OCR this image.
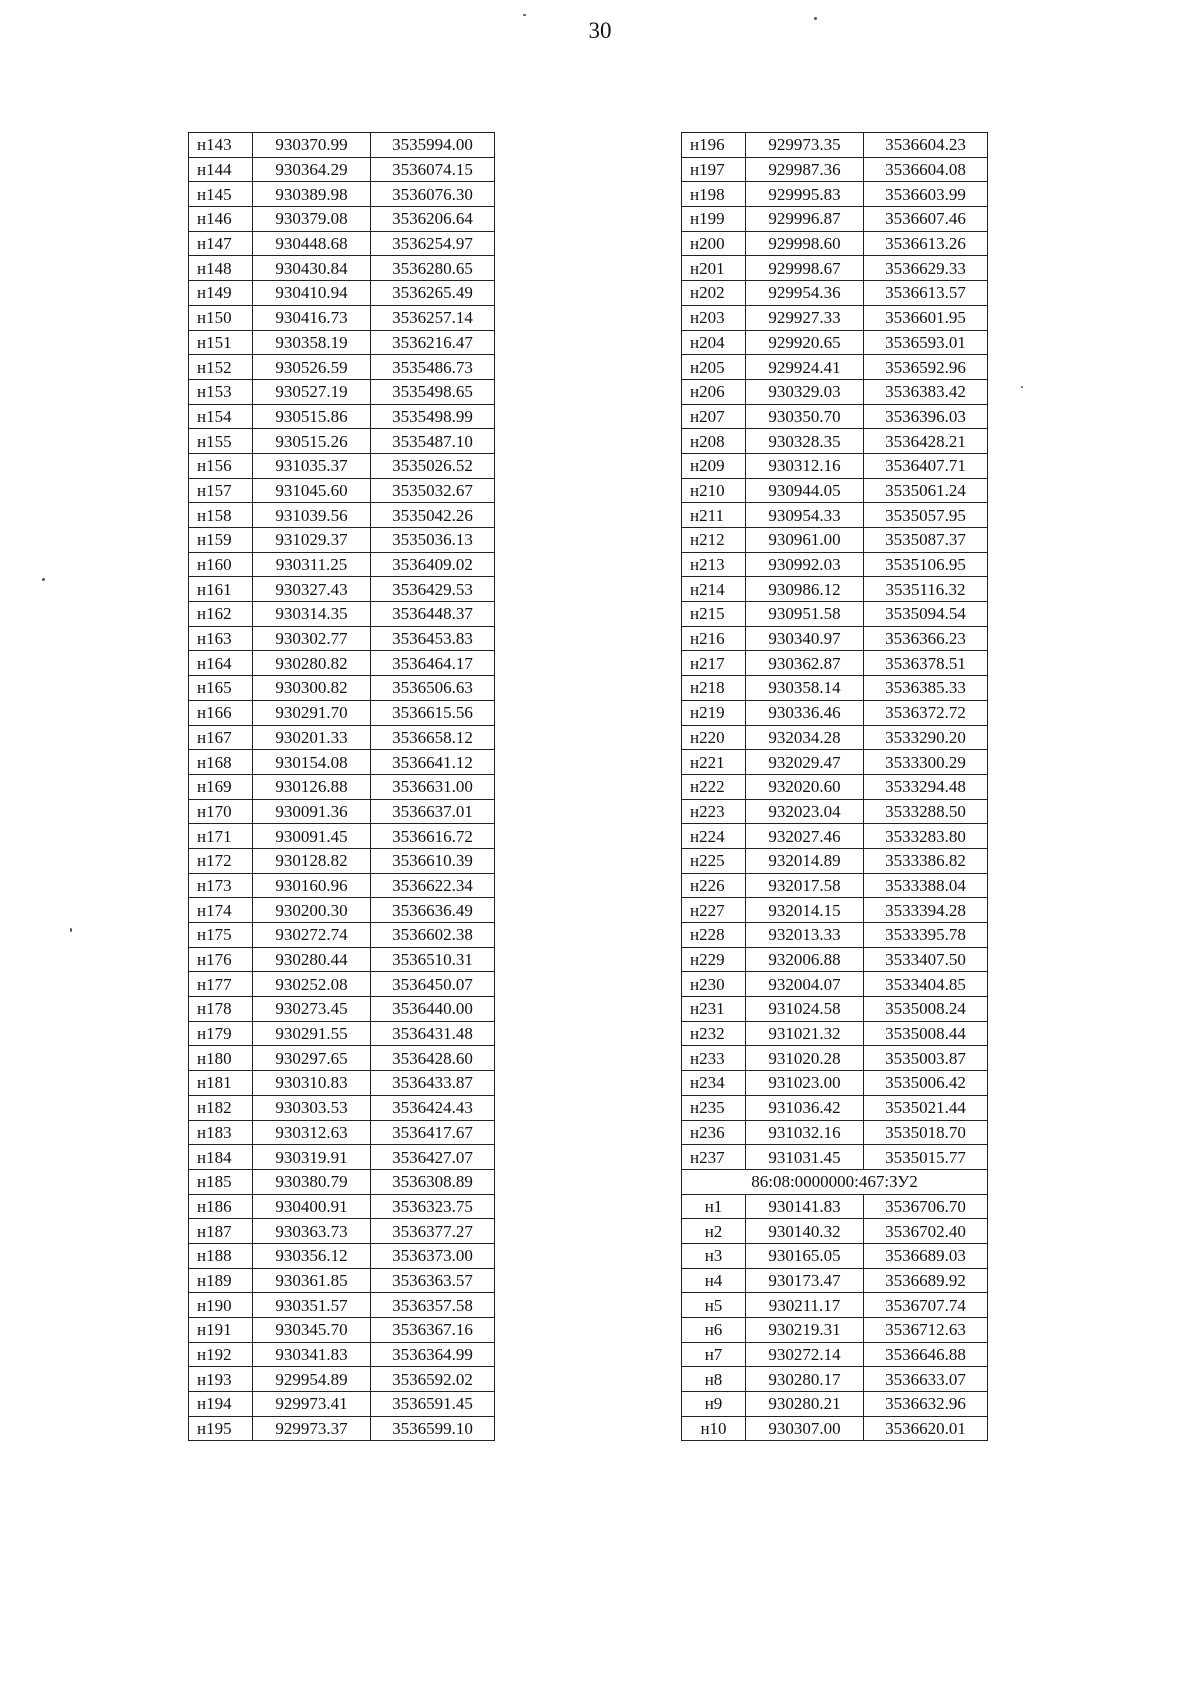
30
н143	930370.99	3535994.00
н144	930364.29	3536074.15
н145	930389.98	3536076.30
н146	930379.08	3536206.64
н147	930448.68	3536254.97
н148	930430.84	3536280.65
н149	930410.94	3536265.49
н150	930416.73	3536257.14
н151	930358.19	3536216.47
н152	930526.59	3535486.73
н153	930527.19	3535498.65
н154	930515.86	3535498.99
н155	930515.26	3535487.10
н156	931035.37	3535026.52
н157	931045.60	3535032.67
н158	931039.56	3535042.26
н159	931029.37	3535036.13
н160	930311.25	3536409.02
н161	930327.43	3536429.53
н162	930314.35	3536448.37
н163	930302.77	3536453.83
н164	930280.82	3536464.17
н165	930300.82	3536506.63
н166	930291.70	3536615.56
н167	930201.33	3536658.12
н168	930154.08	3536641.12
н169	930126.88	3536631.00
н170	930091.36	3536637.01
н171	930091.45	3536616.72
н172	930128.82	3536610.39
н173	930160.96	3536622.34
н174	930200.30	3536636.49
н175	930272.74	3536602.38
н176	930280.44	3536510.31
н177	930252.08	3536450.07
н178	930273.45	3536440.00
н179	930291.55	3536431.48
н180	930297.65	3536428.60
н181	930310.83	3536433.87
н182	930303.53	3536424.43
н183	930312.63	3536417.67
н184	930319.91	3536427.07
н185	930380.79	3536308.89
н186	930400.91	3536323.75
н187	930363.73	3536377.27
н188	930356.12	3536373.00
н189	930361.85	3536363.57
н190	930351.57	3536357.58
н191	930345.70	3536367.16
н192	930341.83	3536364.99
н193	929954.89	3536592.02
н194	929973.41	3536591.45
н195	929973.37	3536599.10
н196	929973.35	3536604.23
н197	929987.36	3536604.08
н198	929995.83	3536603.99
н199	929996.87	3536607.46
н200	929998.60	3536613.26
н201	929998.67	3536629.33
н202	929954.36	3536613.57
н203	929927.33	3536601.95
н204	929920.65	3536593.01
н205	929924.41	3536592.96
н206	930329.03	3536383.42
н207	930350.70	3536396.03
н208	930328.35	3536428.21
н209	930312.16	3536407.71
н210	930944.05	3535061.24
н211	930954.33	3535057.95
н212	930961.00	3535087.37
н213	930992.03	3535106.95
н214	930986.12	3535116.32
н215	930951.58	3535094.54
н216	930340.97	3536366.23
н217	930362.87	3536378.51
н218	930358.14	3536385.33
н219	930336.46	3536372.72
н220	932034.28	3533290.20
н221	932029.47	3533300.29
н222	932020.60	3533294.48
н223	932023.04	3533288.50
н224	932027.46	3533283.80
н225	932014.89	3533386.82
н226	932017.58	3533388.04
н227	932014.15	3533394.28
н228	932013.33	3533395.78
н229	932006.88	3533407.50
н230	932004.07	3533404.85
н231	931024.58	3535008.24
н232	931021.32	3535008.44
н233	931020.28	3535003.87
н234	931023.00	3535006.42
н235	931036.42	3535021.44
н236	931032.16	3535018.70
н237	931031.45	3535015.77
86:08:0000000:467:ЗУ2		
н1	930141.83	3536706.70
н2	930140.32	3536702.40
н3	930165.05	3536689.03
н4	930173.47	3536689.92
н5	930211.17	3536707.74
н6	930219.31	3536712.63
н7	930272.14	3536646.88
н8	930280.17	3536633.07
н9	930280.21	3536632.96
н10	930307.00	3536620.01
